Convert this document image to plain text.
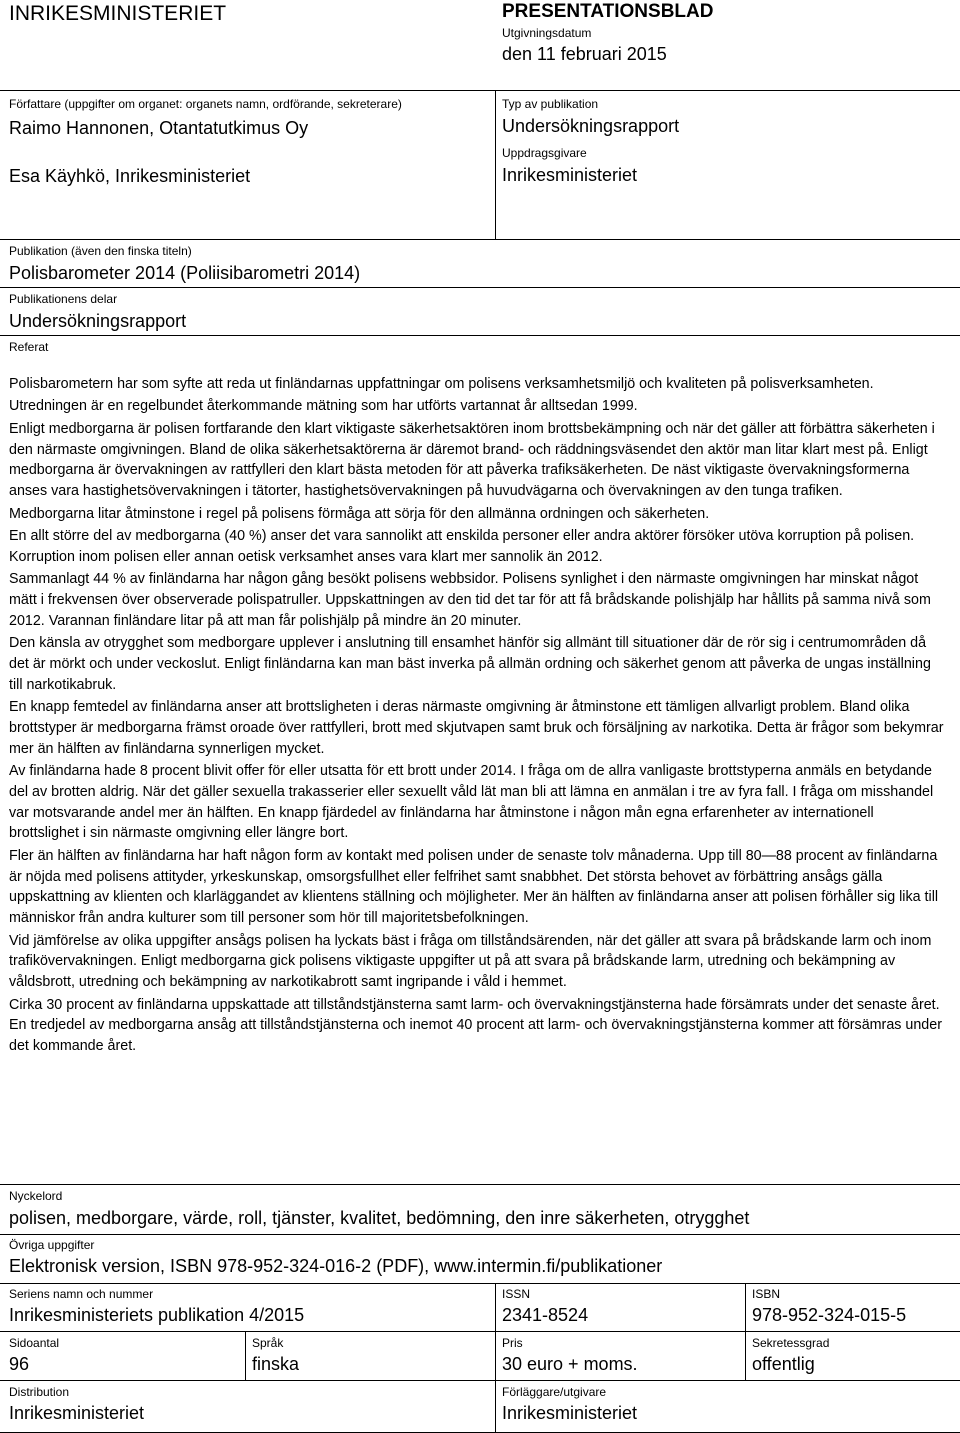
INRIKESMINISTERIET	PRESENTATIONSBLAD
Utgivningsdatum
den 11 februari 2015
Författare (uppgifter om organet: organets namn, ordförande, sekreterare)
Raimo Hannonen, Otantatutkimus Oy
Esa Käyhkö, Inrikesministeriet
Typ av publikation
Undersökningsrapport
Uppdragsgivare
Inrikesministeriet
Publikation (även den finska titeln)
Polisbarometer 2014 (Poliisibarometri 2014)
Publikationens delar
Undersökningsrapport
Referat

Polisbarometern har som syfte att reda ut finländarnas uppfattningar om polisens verksamhetsmiljö och kvaliteten på polisverksamheten.

Utredningen är en regelbundet återkommande mätning som har utförts vartannat år alltsedan 1999.

Enligt medborgarna är polisen fortfarande den klart viktigaste säkerhetsaktören inom brottsbekämpning och när det gäller att förbättra säkerheten i den närmaste omgivningen. Bland de olika säkerhetsaktörerna är däremot brand- och räddningsväsendet den aktör man litar klart mest på. Enligt medborgarna är övervakningen av rattfylleri den klart bästa metoden för att påverka trafiksäkerheten. De näst viktigaste övervakningsformerna anses vara hastighetsövervakningen i tätorter, hastighetsövervakningen på huvudvägarna och övervakningen av den tunga trafiken.

Medborgarna litar åtminstone i regel på polisens förmåga att sörja för den allmänna ordningen och säkerheten.

En allt större del av medborgarna (40 %) anser det vara sannolikt att enskilda personer eller andra aktörer försöker utöva korruption på polisen. Korruption inom polisen eller annan oetisk verksamhet anses vara klart mer sannolik än 2012.

Sammanlagt 44 % av finländarna har någon gång besökt polisens webbsidor. Polisens synlighet i den närmaste omgivningen har minskat något mätt i frekvensen över observerade polispatruller. Uppskattningen av den tid det tar för att få brådskande polishjälp har hållits på samma nivå som 2012. Varannan finländare litar på att man får polishjälp på mindre än 20 minuter.

Den känsla av otrygghet som medborgare upplever i anslutning till ensamhet hänför sig allmänt till situationer där de rör sig i centrumområden då det är mörkt och under veckoslut. Enligt finländarna kan man bäst inverka på allmän ordning och säkerhet genom att påverka de ungas inställning till narkotikabruk.

En knapp femtedel av finländarna anser att brottsligheten i deras närmaste omgivning är åtminstone ett tämligen allvarligt problem. Bland olika brottstyper är medborgarna främst oroade över rattfylleri, brott med skjutvapen samt bruk och försäljning av narkotika. Detta är frågor som bekymrar mer än hälften av finländarna synnerligen mycket.

Av finländarna hade 8 procent blivit offer för eller utsatta för ett brott under 2014. I fråga om de allra vanligaste brottstyperna anmäls en betydande del av brotten aldrig. När det gäller sexuella trakasserier eller sexuellt våld lät man bli att lämna en anmälan i tre av fyra fall. I fråga om misshandel var motsvarande andel mer än hälften. En knapp fjärdedel av finländarna har åtminstone i någon mån egna erfarenheter av internationell brottslighet i sin närmaste omgivning eller längre bort.

Fler än hälften av finländarna har haft någon form av kontakt med polisen under de senaste tolv månaderna. Upp till 80—88 procent av finländarna är nöjda med polisens attityder, yrkeskunskap, omsorgsfullhet eller felfrihet samt snabbhet. Det största behovet av förbättring ansågs gälla uppskattning av klienten och klarläggandet av klientens ställning och möjligheter. Mer än hälften av finländarna anser att polisen förhåller sig lika till människor från andra kulturer som till personer som hör till majoritetsbefolkningen.

Vid jämförelse av olika uppgifter ansågs polisen ha lyckats bäst i fråga om tillståndsärenden, när det gäller att svara på brådskande larm och inom trafikövervakningen. Enligt medborgarna gick polisens viktigaste uppgifter ut på att svara på brådskande larm, utredning och bekämpning av våldsbrott, utredning och bekämpning av narkotikabrott samt ingripande i våld i hemmet.

Cirka 30 procent av finländarna uppskattade att tillståndstjänsterna samt larm- och övervakningstjänsterna hade försämrats under det senaste året. En tredjedel av medborgarna ansåg att tillståndstjänsterna och inemot 40 procent att larm- och övervakningstjänsterna kommer att försämras under det kommande året.

Nyckelord
polisen, medborgare, värde, roll, tjänster, kvalitet, bedömning, den inre säkerheten, otrygghet
Övriga uppgifter
Elektronisk version, ISBN 978-952-324-016-2 (PDF), www.intermin.fi/publikationer
Seriens namn och nummer
Inrikesministeriets publikation 4/2015
ISSN
2341-8524
ISBN
978-952-324-015-5
Sidoantal
96
Språk
finska
Pris
30 euro + moms.
Sekretessgrad
offentlig
Distribution
Inrikesministeriet
Förläggare/utgivare
Inrikesministeriet
